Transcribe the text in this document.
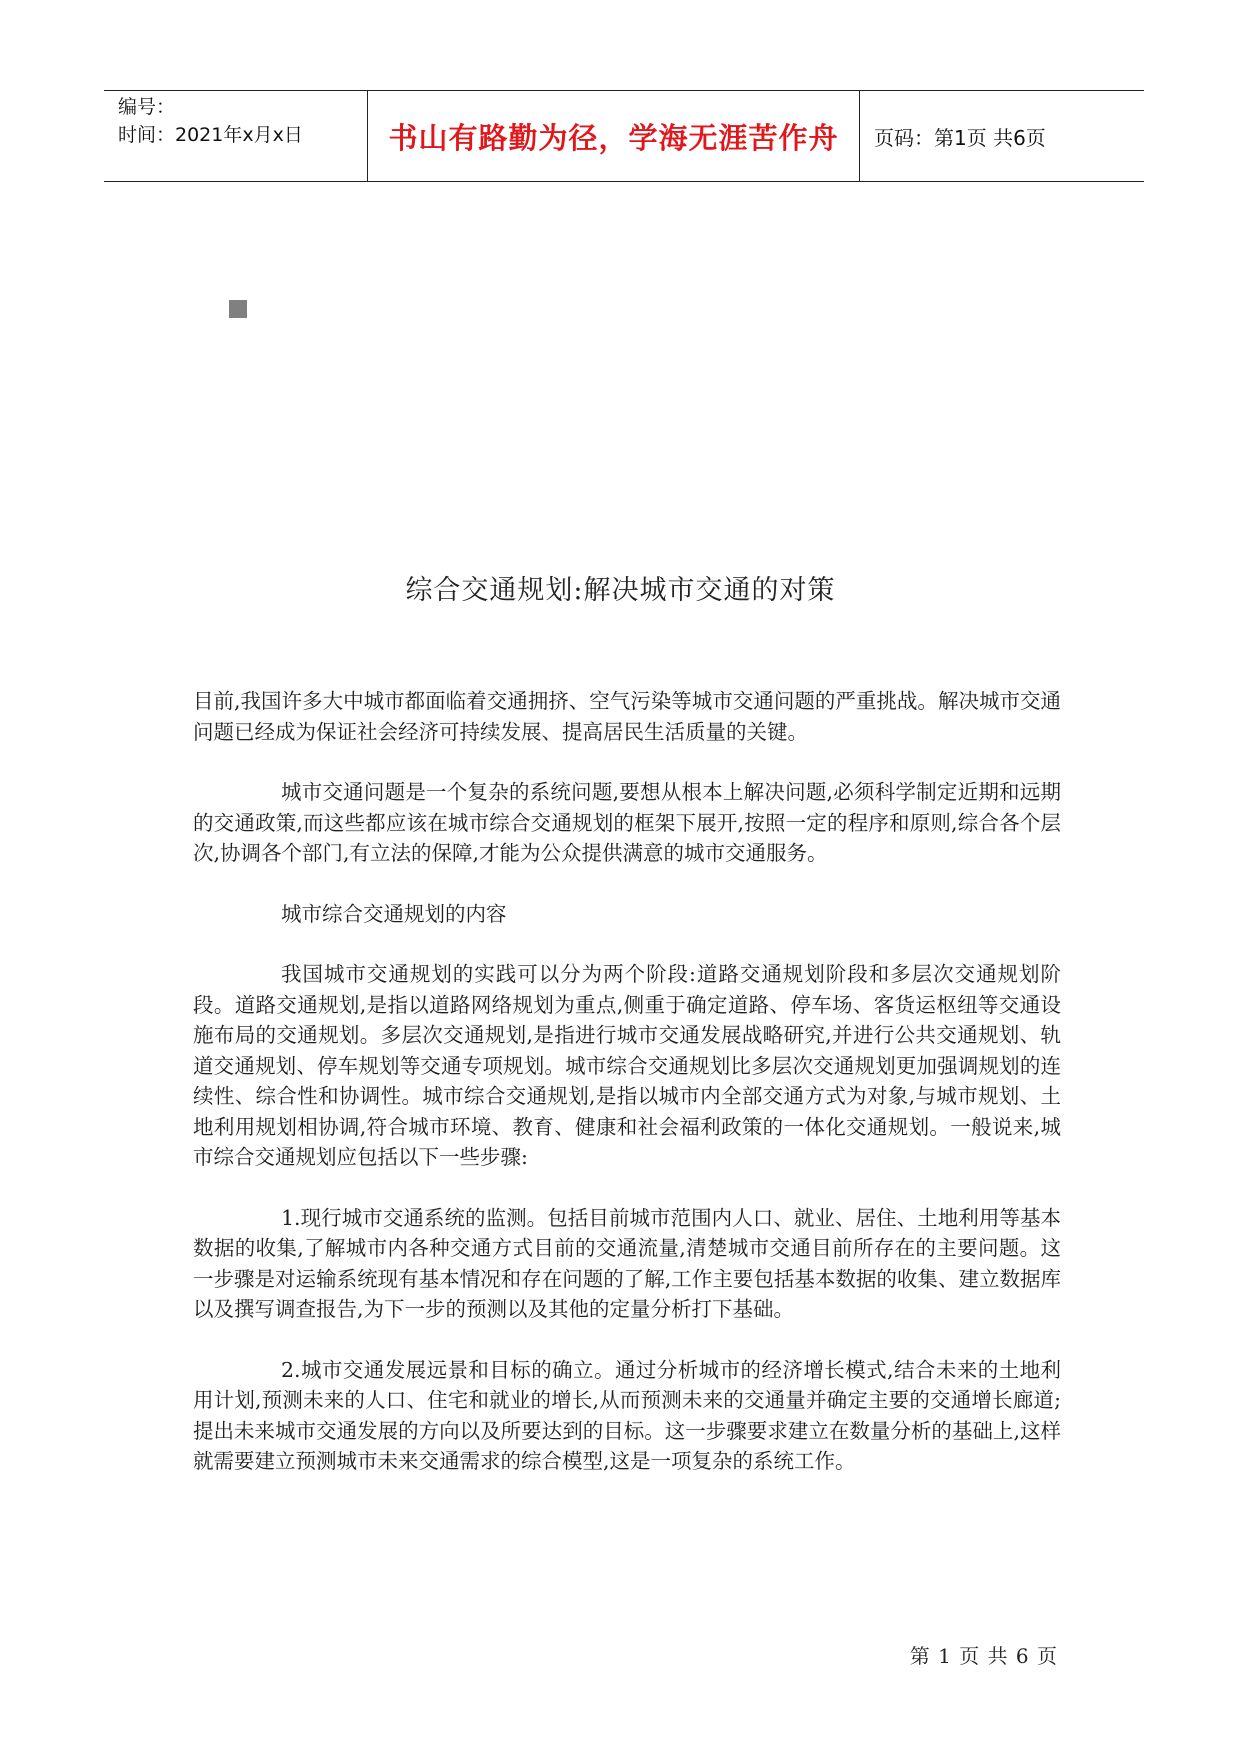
编号：
时间：2021年x月x日	书山有路勤为径，学海无涯苦作舟	页码：第1页 共6页
综合交通规划:解决城市交通的对策

目前,我国许多大中城市都面临着交通拥挤、空气污染等城市交通问题的严重挑战。解决城市交通问题已经成为保证社会经济可持续发展、提高居民生活质量的关键。

城市交通问题是一个复杂的系统问题,要想从根本上解决问题,必须科学制定近期和远期的交通政策,而这些都应该在城市综合交通规划的框架下展开,按照一定的程序和原则,综合各个层次,协调各个部门,有立法的保障,才能为公众提供满意的城市交通服务。

城市综合交通规划的内容

我国城市交通规划的实践可以分为两个阶段:道路交通规划阶段和多层次交通规划阶段。道路交通规划,是指以道路网络规划为重点,侧重于确定道路、停车场、客货运枢纽等交通设施布局的交通规划。多层次交通规划,是指进行城市交通发展战略研究,并进行公共交通规划、轨道交通规划、停车规划等交通专项规划。城市综合交通规划比多层次交通规划更加强调规划的连续性、综合性和协调性。城市综合交通规划,是指以城市内全部交通方式为对象,与城市规划、土地利用规划相协调,符合城市环境、教育、健康和社会福利政策的一体化交通规划。一般说来,城市综合交通规划应包括以下一些步骤:

1.现行城市交通系统的监测。包括目前城市范围内人口、就业、居住、土地利用等基本数据的收集,了解城市内各种交通方式目前的交通流量,清楚城市交通目前所存在的主要问题。这一步骤是对运输系统现有基本情况和存在问题的了解,工作主要包括基本数据的收集、建立数据库以及撰写调查报告,为下一步的预测以及其他的定量分析打下基础。

2.城市交通发展远景和目标的确立。通过分析城市的经济增长模式,结合未来的土地利用计划,预测未来的人口、住宅和就业的增长,从而预测未来的交通量并确定主要的交通增长廊道;提出未来城市交通发展的方向以及所要达到的目标。这一步骤要求建立在数量分析的基础上,这样就需要建立预测城市未来交通需求的综合模型,这是一项复杂的系统工作。

第 1 页 共 6 页
